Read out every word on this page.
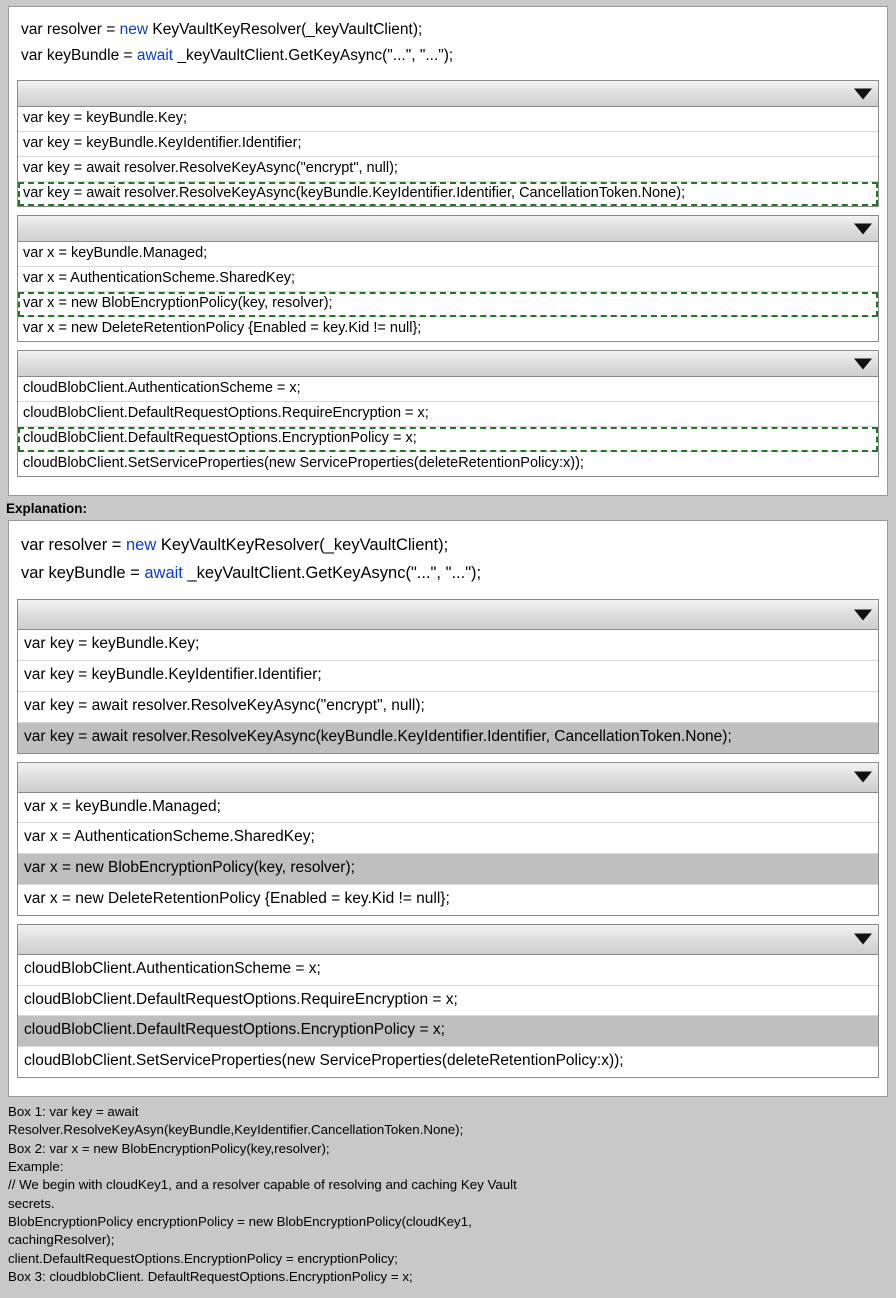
var resolver = new KeyVaultKeyResolver(_keyVaultClient);
var keyBundle = await _keyVaultClient.GetKeyAsync("...", "...");
var key = keyBundle.Key;
var key = keyBundle.KeyIdentifier.Identifier;
var key = await resolver.ResolveKeyAsync("encrypt", null);
var key = await resolver.ResolveKeyAsync(keyBundle.KeyIdentifier.Identifier, CancellationToken.None);
var x = keyBundle.Managed;
var x = AuthenticationScheme.SharedKey;
var x = new BlobEncryptionPolicy(key, resolver);
var x = new DeleteRetentionPolicy {Enabled = key.Kid != null};
cloudBlobClient.AuthenticationScheme = x;
cloudBlobClient.DefaultRequestOptions.RequireEncryption = x;
cloudBlobClient.DefaultRequestOptions.EncryptionPolicy = x;
cloudBlobClient.SetServiceProperties(new ServiceProperties(deleteRetentionPolicy:x));
Explanation:
var resolver = new KeyVaultKeyResolver(_keyVaultClient);
var keyBundle = await _keyVaultClient.GetKeyAsync("...", "...");
var key = keyBundle.Key;
var key = keyBundle.KeyIdentifier.Identifier;
var key = await resolver.ResolveKeyAsync("encrypt", null);
var key = await resolver.ResolveKeyAsync(keyBundle.KeyIdentifier.Identifier, CancellationToken.None);
var x = keyBundle.Managed;
var x = AuthenticationScheme.SharedKey;
var x = new BlobEncryptionPolicy(key, resolver);
var x = new DeleteRetentionPolicy {Enabled = key.Kid != null};
cloudBlobClient.AuthenticationScheme = x;
cloudBlobClient.DefaultRequestOptions.RequireEncryption = x;
cloudBlobClient.DefaultRequestOptions.EncryptionPolicy = x;
cloudBlobClient.SetServiceProperties(new ServiceProperties(deleteRetentionPolicy:x));
Box 1: var key = await
Resolver.ResolveKeyAsyn(keyBundle,KeyIdentifier.CancellationToken.None);
Box 2: var x = new BlobEncryptionPolicy(key,resolver);
Example:
// We begin with cloudKey1, and a resolver capable of resolving and caching Key Vault
secrets.
BlobEncryptionPolicy encryptionPolicy = new BlobEncryptionPolicy(cloudKey1,
cachingResolver);
client.DefaultRequestOptions.EncryptionPolicy = encryptionPolicy;
Box 3: cloudblobClient. DefaultRequestOptions.EncryptionPolicy = x;
